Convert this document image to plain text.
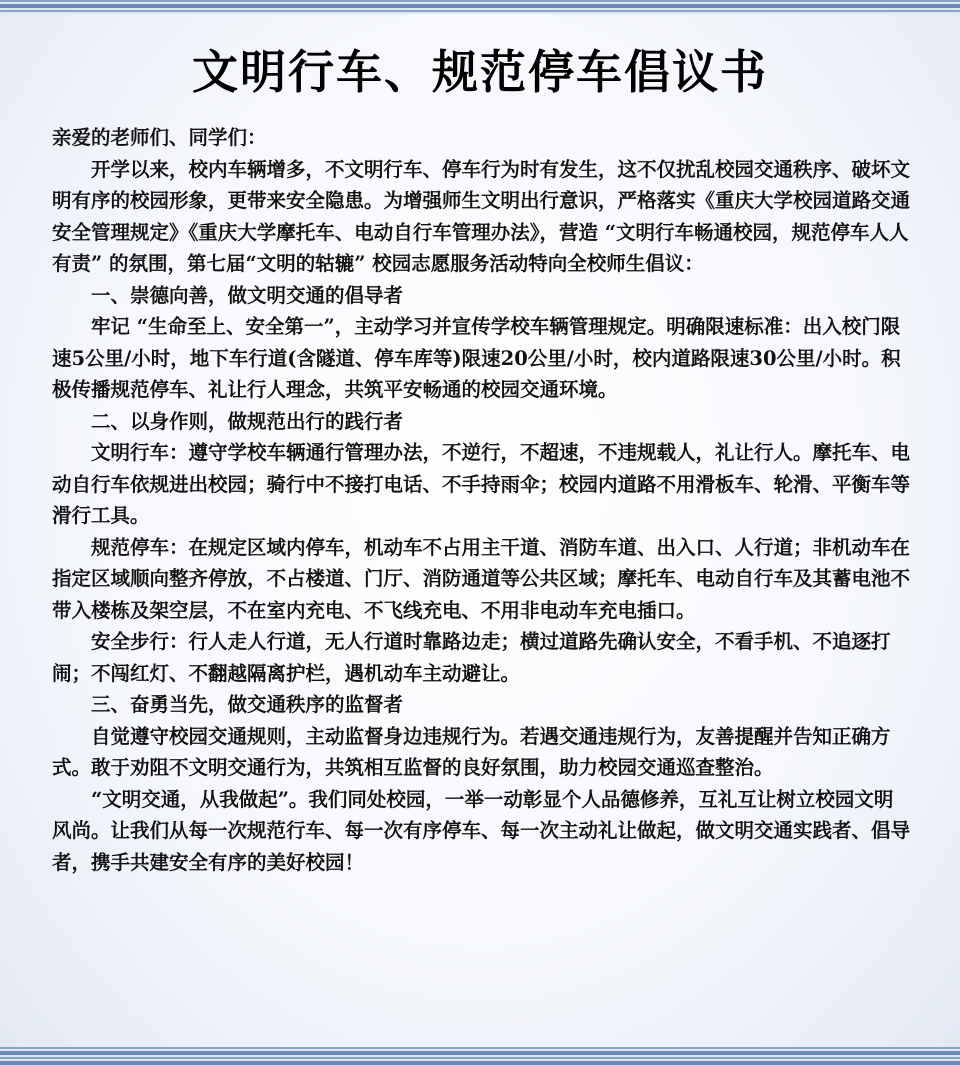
文明行车、规范停车倡议书

亲爱的老师们、同学们：

开学以来，校内车辆增多，不文明行车、停车行为时有发生，这不仅扰乱校园交通秩序、破坏文明有序的校园形象，更带来安全隐患。为增强师生文明出行意识，严格落实《重庆大学校园道路交通安全管理规定》《重庆大学摩托车、电动自行车管理办法》，营造 “文明行车畅通校园，规范停车人人有责” 的氛围，第七届“文明的轱辘” 校园志愿服务活动特向全校师生倡议：

一、崇德向善，做文明交通的倡导者

牢记 “生命至上、安全第一”，主动学习并宣传学校车辆管理规定。明确限速标准：出入校门限速5公里/小时，地下车行道(含隧道、停车库等)限速20公里/小时，校内道路限速30公里/小时。积极传播规范停车、礼让行人理念，共筑平安畅通的校园交通环境。

二、以身作则，做规范出行的践行者

文明行车：遵守学校车辆通行管理办法，不逆行，不超速，不违规载人，礼让行人。摩托车、电动自行车依规进出校园；骑行中不接打电话、不手持雨伞；校园内道路不用滑板车、轮滑、平衡车等滑行工具。

规范停车：在规定区域内停车，机动车不占用主干道、消防车道、出入口、人行道；非机动车在指定区域顺向整齐停放，不占楼道、门厅、消防通道等公共区域；摩托车、电动自行车及其蓄电池不带入楼栋及架空层，不在室内充电、不飞线充电、不用非电动车充电插口。

安全步行：行人走人行道，无人行道时靠路边走；横过道路先确认安全，不看手机、不追逐打闹；不闯红灯、不翻越隔离护栏，遇机动车主动避让。

三、奋勇当先，做交通秩序的监督者

自觉遵守校园交通规则，主动监督身边违规行为。若遇交通违规行为，友善提醒并告知正确方式。敢于劝阻不文明交通行为，共筑相互监督的良好氛围，助力校园交通巡查整治。

“文明交通，从我做起”。我们同处校园，一举一动彰显个人品德修养，互礼互让树立校园文明风尚。让我们从每一次规范行车、每一次有序停车、每一次主动礼让做起，做文明交通实践者、倡导者，携手共建安全有序的美好校园！
